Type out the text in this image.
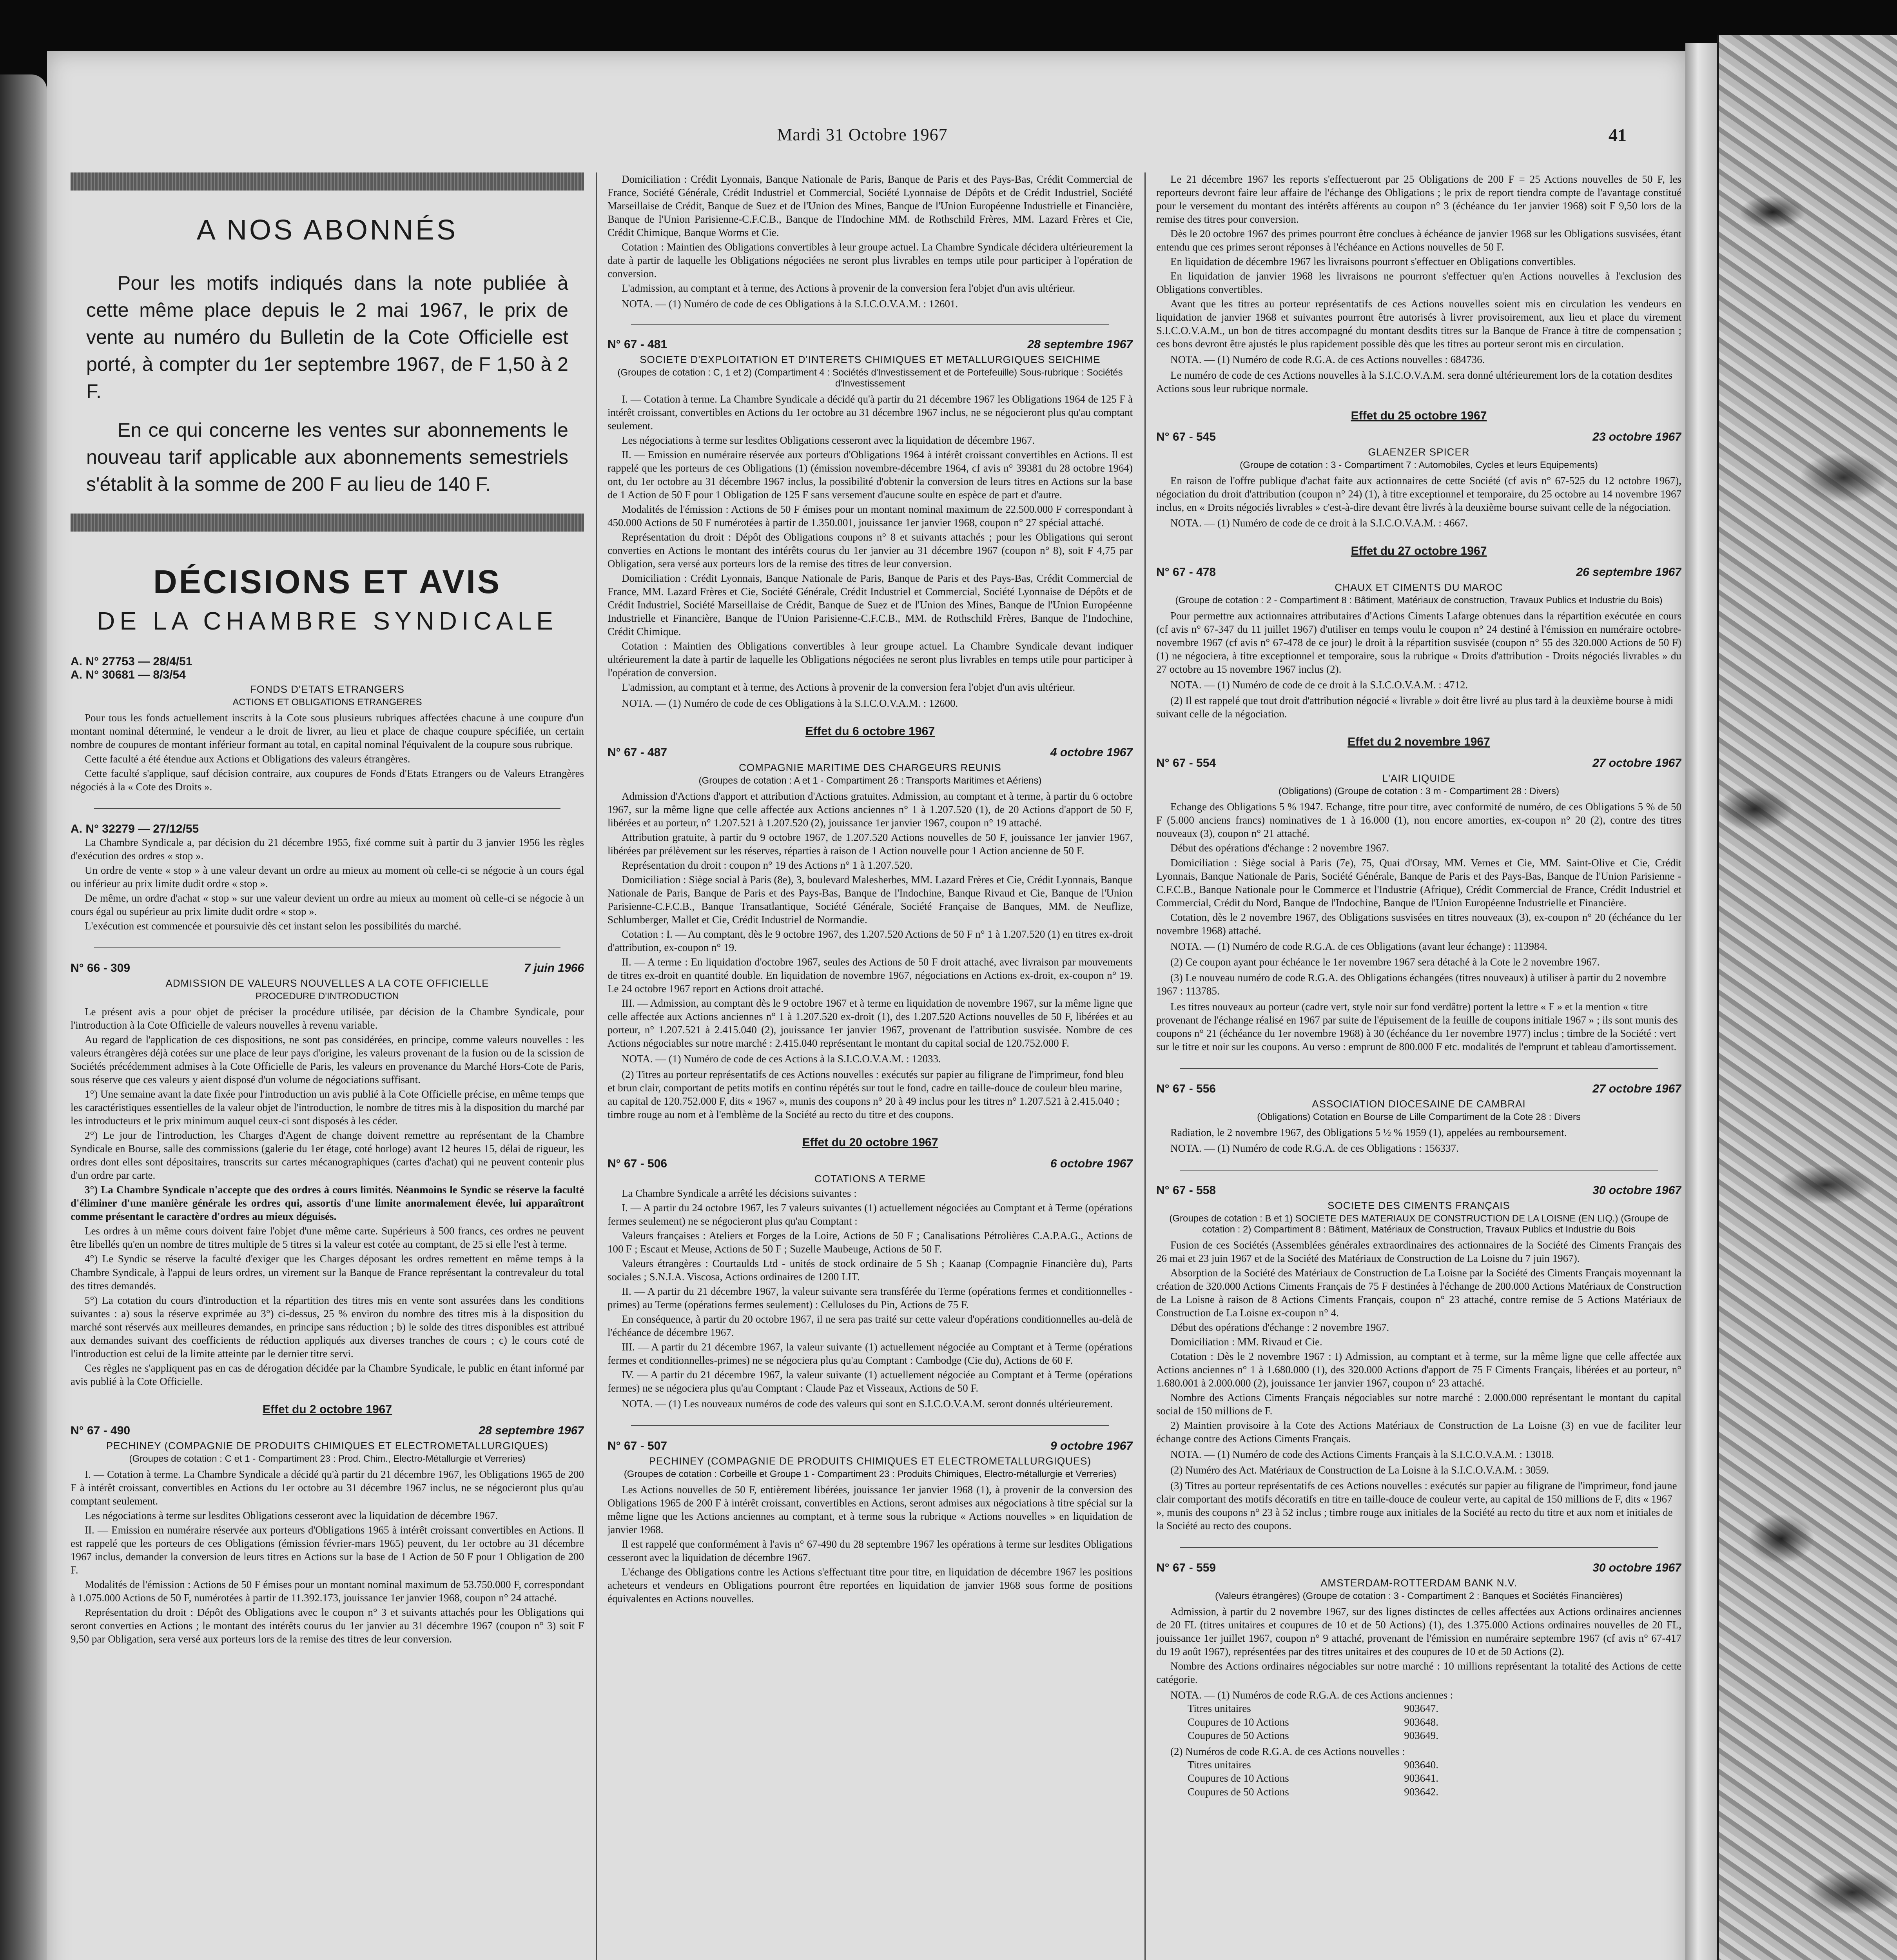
Mardi 31 Octobre 1967	41
A NOS ABONNÉS

Pour les motifs indiqués dans la note publiée à cette même place depuis le 2 mai 1967, le prix de vente au numéro du Bulletin de la Cote Officielle est porté, à compter du 1er septembre 1967, de F 1,50 à 2 F.

En ce qui concerne les ventes sur abonnements le nouveau tarif applicable aux abonnements semestriels s'établit à la somme de 200 F au lieu de 140 F.

DÉCISIONS ET AVIS
DE LA CHAMBRE SYNDICALE
A. N° 27753 — 28/4/51
A. N° 30681 — 8/3/54
FONDS D'ETATS ETRANGERS
ACTIONS ET OBLIGATIONS ETRANGERES

Pour tous les fonds actuellement inscrits à la Cote sous plusieurs rubriques affectées chacune à une coupure d'un montant nominal déterminé, le vendeur a le droit de livrer, au lieu et place de chaque coupure spécifiée, un certain nombre de coupures de montant inférieur formant au total, en capital nominal l'équivalent de la coupure sous rubrique.

Cette faculté a été étendue aux Actions et Obligations des valeurs étrangères.

Cette faculté s'applique, sauf décision contraire, aux coupures de Fonds d'Etats Etrangers ou de Valeurs Etrangères négociés à la « Cote des Droits ».

A. N° 32279 — 27/12/55

La Chambre Syndicale a, par décision du 21 décembre 1955, fixé comme suit à partir du 3 janvier 1956 les règles d'exécution des ordres « stop ».

Un ordre de vente « stop » à une valeur devant un ordre au mieux au moment où celle-ci se négocie à un cours égal ou inférieur au prix limite dudit ordre « stop ».

De même, un ordre d'achat « stop » sur une valeur devient un ordre au mieux au moment où celle-ci se négocie à un cours égal ou supérieur au prix limite dudit ordre « stop ».

L'exécution est commencée et poursuivie dès cet instant selon les possibilités du marché.

N° 66 - 309	7 juin 1966
ADMISSION DE VALEURS NOUVELLES A LA COTE OFFICIELLE
PROCEDURE D'INTRODUCTION

Le présent avis a pour objet de préciser la procédure utilisée, par décision de la Chambre Syndicale, pour l'introduction à la Cote Officielle de valeurs nouvelles à revenu variable.

Au regard de l'application de ces dispositions, ne sont pas considérées, en principe, comme valeurs nouvelles : les valeurs étrangères déjà cotées sur une place de leur pays d'origine, les valeurs provenant de la fusion ou de la scission de Sociétés précédemment admises à la Cote Officielle de Paris, les valeurs en provenance du Marché Hors-Cote de Paris, sous réserve que ces valeurs y aient disposé d'un volume de négociations suffisant.

1°) Une semaine avant la date fixée pour l'introduction un avis publié à la Cote Officielle précise, en même temps que les caractéristiques essentielles de la valeur objet de l'introduction, le nombre de titres mis à la disposition du marché par les introducteurs et le prix minimum auquel ceux-ci sont disposés à les céder.

2°) Le jour de l'introduction, les Charges d'Agent de change doivent remettre au représentant de la Chambre Syndicale en Bourse, salle des commissions (galerie du 1er étage, coté horloge) avant 12 heures 15, délai de rigueur, les ordres dont elles sont dépositaires, transcrits sur cartes mécanographiques (cartes d'achat) qui ne peuvent contenir plus d'un ordre par carte.

3°) La Chambre Syndicale n'accepte que des ordres à cours limités. Néanmoins le Syndic se réserve la faculté d'éliminer d'une manière générale les ordres qui, assortis d'une limite anormalement élevée, lui apparaîtront comme présentant le caractère d'ordres au mieux déguisés.

Les ordres à un même cours doivent faire l'objet d'une même carte. Supérieurs à 500 francs, ces ordres ne peuvent être libellés qu'en un nombre de titres multiple de 5 titres si la valeur est cotée au comptant, de 25 si elle l'est à terme.

4°) Le Syndic se réserve la faculté d'exiger que les Charges déposant les ordres remettent en même temps à la Chambre Syndicale, à l'appui de leurs ordres, un virement sur la Banque de France représentant la contrevaleur du total des titres demandés.

5°) La cotation du cours d'introduction et la répartition des titres mis en vente sont assurées dans les conditions suivantes : a) sous la réserve exprimée au 3°) ci-dessus, 25 % environ du nombre des titres mis à la disposition du marché sont réservés aux meilleures demandes, en principe sans réduction ; b) le solde des titres disponibles est attribué aux demandes suivant des coefficients de réduction appliqués aux diverses tranches de cours ; c) le cours coté de l'introduction est celui de la limite atteinte par le dernier titre servi.

Ces règles ne s'appliquent pas en cas de dérogation décidée par la Chambre Syndicale, le public en étant informé par avis publié à la Cote Officielle.

Effet du 2 octobre 1967
N° 67 - 490	28 septembre 1967
PECHINEY (COMPAGNIE DE PRODUITS CHIMIQUES ET ELECTROMETALLURGIQUES)
(Groupes de cotation : C et 1 - Compartiment 23 : Prod. Chim., Electro-Métallurgie et Verreries)

I. — Cotation à terme. La Chambre Syndicale a décidé qu'à partir du 21 décembre 1967, les Obligations 1965 de 200 F à intérêt croissant, convertibles en Actions du 1er octobre au 31 décembre 1967 inclus, ne se négocieront plus qu'au comptant seulement.

Les négociations à terme sur lesdites Obligations cesseront avec la liquidation de décembre 1967.

II. — Emission en numéraire réservée aux porteurs d'Obligations 1965 à intérêt croissant convertibles en Actions. Il est rappelé que les porteurs de ces Obligations (émission février-mars 1965) peuvent, du 1er octobre au 31 décembre 1967 inclus, demander la conversion de leurs titres en Actions sur la base de 1 Action de 50 F pour 1 Obligation de 200 F.

Modalités de l'émission : Actions de 50 F émises pour un montant nominal maximum de 53.750.000 F, correspondant à 1.075.000 Actions de 50 F, numérotées à partir de 11.392.173, jouissance 1er janvier 1968, coupon n° 24 attaché.

Représentation du droit : Dépôt des Obligations avec le coupon n° 3 et suivants attachés pour les Obligations qui seront converties en Actions ; le montant des intérêts courus du 1er janvier au 31 décembre 1967 (coupon n° 3) soit F 9,50 par Obligation, sera versé aux porteurs lors de la remise des titres de leur conversion.

Domiciliation : Crédit Lyonnais, Banque Nationale de Paris, Banque de Paris et des Pays-Bas, Crédit Commercial de France, Société Générale, Crédit Industriel et Commercial, Société Lyonnaise de Dépôts et de Crédit Industriel, Société Marseillaise de Crédit, Banque de Suez et de l'Union des Mines, Banque de l'Union Européenne Industrielle et Financière, Banque de l'Union Parisienne-C.F.C.B., Banque de l'Indochine MM. de Rothschild Frères, MM. Lazard Frères et Cie, Crédit Chimique, Banque Worms et Cie.

Cotation : Maintien des Obligations convertibles à leur groupe actuel. La Chambre Syndicale décidera ultérieurement la date à partir de laquelle les Obligations négociées ne seront plus livrables en temps utile pour participer à l'opération de conversion.

L'admission, au comptant et à terme, des Actions à provenir de la conversion fera l'objet d'un avis ultérieur.

NOTA. — (1) Numéro de code de ces Obligations à la S.I.C.O.V.A.M. : 12601.

N° 67 - 481	28 septembre 1967
SOCIETE D'EXPLOITATION ET D'INTERETS CHIMIQUES ET METALLURGIQUES SEICHIME
(Groupes de cotation : C, 1 et 2) (Compartiment 4 : Sociétés d'Investissement et de Portefeuille) Sous-rubrique : Sociétés d'Investissement

I. — Cotation à terme. La Chambre Syndicale a décidé qu'à partir du 21 décembre 1967 les Obligations 1964 de 125 F à intérêt croissant, convertibles en Actions du 1er octobre au 31 décembre 1967 inclus, ne se négocieront plus qu'au comptant seulement.

Les négociations à terme sur lesdites Obligations cesseront avec la liquidation de décembre 1967.

II. — Emission en numéraire réservée aux porteurs d'Obligations 1964 à intérêt croissant convertibles en Actions. Il est rappelé que les porteurs de ces Obligations (1) (émission novembre-décembre 1964, cf avis n° 39381 du 28 octobre 1964) ont, du 1er octobre au 31 décembre 1967 inclus, la possibilité d'obtenir la conversion de leurs titres en Actions sur la base de 1 Action de 50 F pour 1 Obligation de 125 F sans versement d'aucune soulte en espèce de part et d'autre.

Modalités de l'émission : Actions de 50 F émises pour un montant nominal maximum de 22.500.000 F correspondant à 450.000 Actions de 50 F numérotées à partir de 1.350.001, jouissance 1er janvier 1968, coupon n° 27 spécial attaché.

Représentation du droit : Dépôt des Obligations coupons n° 8 et suivants attachés ; pour les Obligations qui seront converties en Actions le montant des intérêts courus du 1er janvier au 31 décembre 1967 (coupon n° 8), soit F 4,75 par Obligation, sera versé aux porteurs lors de la remise des titres de leur conversion.

Domiciliation : Crédit Lyonnais, Banque Nationale de Paris, Banque de Paris et des Pays-Bas, Crédit Commercial de France, MM. Lazard Frères et Cie, Société Générale, Crédit Industriel et Commercial, Société Lyonnaise de Dépôts et de Crédit Industriel, Société Marseillaise de Crédit, Banque de Suez et de l'Union des Mines, Banque de l'Union Européenne Industrielle et Financière, Banque de l'Union Parisienne-C.F.C.B., MM. de Rothschild Frères, Banque de l'Indochine, Crédit Chimique.

Cotation : Maintien des Obligations convertibles à leur groupe actuel. La Chambre Syndicale devant indiquer ultérieurement la date à partir de laquelle les Obligations négociées ne seront plus livrables en temps utile pour participer à l'opération de conversion.

L'admission, au comptant et à terme, des Actions à provenir de la conversion fera l'objet d'un avis ultérieur.

NOTA. — (1) Numéro de code de ces Obligations à la S.I.C.O.V.A.M. : 12600.

Effet du 6 octobre 1967
N° 67 - 487	4 octobre 1967
COMPAGNIE MARITIME DES CHARGEURS REUNIS
(Groupes de cotation : A et 1 - Compartiment 26 : Transports Maritimes et Aériens)

Admission d'Actions d'apport et attribution d'Actions gratuites. Admission, au comptant et à terme, à partir du 6 octobre 1967, sur la même ligne que celle affectée aux Actions anciennes n° 1 à 1.207.520 (1), de 20 Actions d'apport de 50 F, libérées et au porteur, n° 1.207.521 à 1.207.520 (2), jouissance 1er janvier 1967, coupon n° 19 attaché.

Attribution gratuite, à partir du 9 octobre 1967, de 1.207.520 Actions nouvelles de 50 F, jouissance 1er janvier 1967, libérées par prélèvement sur les réserves, réparties à raison de 1 Action nouvelle pour 1 Action ancienne de 50 F.

Représentation du droit : coupon n° 19 des Actions n° 1 à 1.207.520.

Domiciliation : Siège social à Paris (8e), 3, boulevard Malesherbes, MM. Lazard Frères et Cie, Crédit Lyonnais, Banque Nationale de Paris, Banque de Paris et des Pays-Bas, Banque de l'Indochine, Banque Rivaud et Cie, Banque de l'Union Parisienne-C.F.C.B., Banque Transatlantique, Société Générale, Société Française de Banques, MM. de Neuflize, Schlumberger, Mallet et Cie, Crédit Industriel de Normandie.

Cotation : I. — Au comptant, dès le 9 octobre 1967, des 1.207.520 Actions de 50 F n° 1 à 1.207.520 (1) en titres ex-droit d'attribution, ex-coupon n° 19.

II. — A terme : En liquidation d'octobre 1967, seules des Actions de 50 F droit attaché, avec livraison par mouvements de titres ex-droit en quantité double. En liquidation de novembre 1967, négociations en Actions ex-droit, ex-coupon n° 19. Le 24 octobre 1967 report en Actions droit attaché.

III. — Admission, au comptant dès le 9 octobre 1967 et à terme en liquidation de novembre 1967, sur la même ligne que celle affectée aux Actions anciennes n° 1 à 1.207.520 ex-droit (1), des 1.207.520 Actions nouvelles de 50 F, libérées et au porteur, n° 1.207.521 à 2.415.040 (2), jouissance 1er janvier 1967, provenant de l'attribution susvisée. Nombre de ces Actions négociables sur notre marché : 2.415.040 représentant le montant du capital social de 120.752.000 F.

NOTA. — (1) Numéro de code de ces Actions à la S.I.C.O.V.A.M. : 12033.

(2) Titres au porteur représentatifs de ces Actions nouvelles : exécutés sur papier au filigrane de l'imprimeur, fond bleu et brun clair, comportant de petits motifs en continu répétés sur tout le fond, cadre en taille-douce de couleur bleu marine, au capital de 120.752.000 F, dits « 1967 », munis des coupons n° 20 à 49 inclus pour les titres n° 1.207.521 à 2.415.040 ; timbre rouge au nom et à l'emblème de la Société au recto du titre et des coupons.

Effet du 20 octobre 1967
N° 67 - 506	6 octobre 1967
COTATIONS A TERME

La Chambre Syndicale a arrêté les décisions suivantes :

I. — A partir du 24 octobre 1967, les 7 valeurs suivantes (1) actuellement négociées au Comptant et à Terme (opérations fermes seulement) ne se négocieront plus qu'au Comptant :

Valeurs françaises : Ateliers et Forges de la Loire, Actions de 50 F ; Canalisations Pétrolières C.A.P.A.G., Actions de 100 F ; Escaut et Meuse, Actions de 50 F ; Suzelle Maubeuge, Actions de 50 F.

Valeurs étrangères : Courtaulds Ltd - unités de stock ordinaire de 5 Sh ; Kaanap (Compagnie Financière du), Parts sociales ; S.N.I.A. Viscosa, Actions ordinaires de 1200 LIT.

II. — A partir du 21 décembre 1967, la valeur suivante sera transférée du Terme (opérations fermes et conditionnelles - primes) au Terme (opérations fermes seulement) : Celluloses du Pin, Actions de 75 F.

En conséquence, à partir du 20 octobre 1967, il ne sera pas traité sur cette valeur d'opérations conditionnelles au-delà de l'échéance de décembre 1967.

III. — A partir du 21 décembre 1967, la valeur suivante (1) actuellement négociée au Comptant et à Terme (opérations fermes et conditionnelles-primes) ne se négociera plus qu'au Comptant : Cambodge (Cie du), Actions de 60 F.

IV. — A partir du 21 décembre 1967, la valeur suivante (1) actuellement négociée au Comptant et à Terme (opérations fermes) ne se négociera plus qu'au Comptant : Claude Paz et Visseaux, Actions de 50 F.

NOTA. — (1) Les nouveaux numéros de code des valeurs qui sont en S.I.C.O.V.A.M. seront donnés ultérieurement.

N° 67 - 507	9 octobre 1967
PECHINEY (COMPAGNIE DE PRODUITS CHIMIQUES ET ELECTROMETALLURGIQUES)
(Groupes de cotation : Corbeille et Groupe 1 - Compartiment 23 : Produits Chimiques, Electro-métallurgie et Verreries)

Les Actions nouvelles de 50 F, entièrement libérées, jouissance 1er janvier 1968 (1), à provenir de la conversion des Obligations 1965 de 200 F à intérêt croissant, convertibles en Actions, seront admises aux négociations à titre spécial sur la même ligne que les Actions anciennes au comptant, et à terme sous la rubrique « Actions nouvelles » en liquidation de janvier 1968.

Il est rappelé que conformément à l'avis n° 67-490 du 28 septembre 1967 les opérations à terme sur lesdites Obligations cesseront avec la liquidation de décembre 1967.

L'échange des Obligations contre les Actions s'effectuant titre pour titre, en liquidation de décembre 1967 les positions acheteurs et vendeurs en Obligations pourront être reportées en liquidation de janvier 1968 sous forme de positions équivalentes en Actions nouvelles.

Le 21 décembre 1967 les reports s'effectueront par 25 Obligations de 200 F = 25 Actions nouvelles de 50 F, les reporteurs devront faire leur affaire de l'échange des Obligations ; le prix de report tiendra compte de l'avantage constitué pour le versement du montant des intérêts afférents au coupon n° 3 (échéance du 1er janvier 1968) soit F 9,50 lors de la remise des titres pour conversion.

Dès le 20 octobre 1967 des primes pourront être conclues à échéance de janvier 1968 sur les Obligations susvisées, étant entendu que ces primes seront réponses à l'échéance en Actions nouvelles de 50 F.

En liquidation de décembre 1967 les livraisons pourront s'effectuer en Obligations convertibles.

En liquidation de janvier 1968 les livraisons ne pourront s'effectuer qu'en Actions nouvelles à l'exclusion des Obligations convertibles.

Avant que les titres au porteur représentatifs de ces Actions nouvelles soient mis en circulation les vendeurs en liquidation de janvier 1968 et suivantes pourront être autorisés à livrer provisoirement, aux lieu et place du virement S.I.C.O.V.A.M., un bon de titres accompagné du montant desdits titres sur la Banque de France à titre de compensation ; ces bons devront être ajustés le plus rapidement possible dès que les titres au porteur seront mis en circulation.

NOTA. — (1) Numéro de code R.G.A. de ces Actions nouvelles : 684736.

Le numéro de code de ces Actions nouvelles à la S.I.C.O.V.A.M. sera donné ultérieurement lors de la cotation desdites Actions sous leur rubrique normale.

Effet du 25 octobre 1967
N° 67 - 545	23 octobre 1967
GLAENZER SPICER
(Groupe de cotation : 3 - Compartiment 7 : Automobiles, Cycles et leurs Equipements)

En raison de l'offre publique d'achat faite aux actionnaires de cette Société (cf avis n° 67-525 du 12 octobre 1967), négociation du droit d'attribution (coupon n° 24) (1), à titre exceptionnel et temporaire, du 25 octobre au 14 novembre 1967 inclus, en « Droits négociés livrables » c'est-à-dire devant être livrés à la deuxième bourse suivant celle de la négociation.

NOTA. — (1) Numéro de code de ce droit à la S.I.C.O.V.A.M. : 4667.

Effet du 27 octobre 1967
N° 67 - 478	26 septembre 1967
CHAUX ET CIMENTS DU MAROC
(Groupe de cotation : 2 - Compartiment 8 : Bâtiment, Matériaux de construction, Travaux Publics et Industrie du Bois)

Pour permettre aux actionnaires attributaires d'Actions Ciments Lafarge obtenues dans la répartition exécutée en cours (cf avis n° 67-347 du 11 juillet 1967) d'utiliser en temps voulu le coupon n° 24 destiné à l'émission en numéraire octobre-novembre 1967 (cf avis n° 67-478 de ce jour) le droit à la répartition susvisée (coupon n° 55 des 320.000 Actions de 50 F) (1) ne négociera, à titre exceptionnel et temporaire, sous la rubrique « Droits d'attribution - Droits négociés livrables » du 27 octobre au 15 novembre 1967 inclus (2).

NOTA. — (1) Numéro de code de ce droit à la S.I.C.O.V.A.M. : 4712.

(2) Il est rappelé que tout droit d'attribution négocié « livrable » doit être livré au plus tard à la deuxième bourse à midi suivant celle de la négociation.

Effet du 2 novembre 1967
N° 67 - 554	27 octobre 1967
L'AIR LIQUIDE
(Obligations) (Groupe de cotation : 3 m - Compartiment 28 : Divers)

Echange des Obligations 5 % 1947. Echange, titre pour titre, avec conformité de numéro, de ces Obligations 5 % de 50 F (5.000 anciens francs) nominatives de 1 à 16.000 (1), non encore amorties, ex-coupon n° 20 (2), contre des titres nouveaux (3), coupon n° 21 attaché.

Début des opérations d'échange : 2 novembre 1967.

Domiciliation : Siège social à Paris (7e), 75, Quai d'Orsay, MM. Vernes et Cie, MM. Saint-Olive et Cie, Crédit Lyonnais, Banque Nationale de Paris, Société Générale, Banque de Paris et des Pays-Bas, Banque de l'Union Parisienne - C.F.C.B., Banque Nationale pour le Commerce et l'Industrie (Afrique), Crédit Commercial de France, Crédit Industriel et Commercial, Crédit du Nord, Banque de l'Indochine, Banque de l'Union Européenne Industrielle et Financière.

Cotation, dès le 2 novembre 1967, des Obligations susvisées en titres nouveaux (3), ex-coupon n° 20 (échéance du 1er novembre 1968) attaché.

NOTA. — (1) Numéro de code R.G.A. de ces Obligations (avant leur échange) : 113984.

(2) Ce coupon ayant pour échéance le 1er novembre 1967 sera détaché à la Cote le 2 novembre 1967.

(3) Le nouveau numéro de code R.G.A. des Obligations échangées (titres nouveaux) à utiliser à partir du 2 novembre 1967 : 113785.

Les titres nouveaux au porteur (cadre vert, style noir sur fond verdâtre) portent la lettre « F » et la mention « titre provenant de l'échange réalisé en 1967 par suite de l'épuisement de la feuille de coupons initiale 1967 » ; ils sont munis des coupons n° 21 (échéance du 1er novembre 1968) à 30 (échéance du 1er novembre 1977) inclus ; timbre de la Société : vert sur le titre et noir sur les coupons. Au verso : emprunt de 800.000 F etc. modalités de l'emprunt et tableau d'amortissement.

N° 67 - 556	27 octobre 1967
ASSOCIATION DIOCESAINE DE CAMBRAI
(Obligations) Cotation en Bourse de Lille Compartiment de la Cote 28 : Divers

Radiation, le 2 novembre 1967, des Obligations 5 ½ % 1959 (1), appelées au remboursement.

NOTA. — (1) Numéro de code R.G.A. de ces Obligations : 156337.

N° 67 - 558	30 octobre 1967
SOCIETE DES CIMENTS FRANÇAIS
(Groupes de cotation : B et 1) SOCIETE DES MATERIAUX DE CONSTRUCTION DE LA LOISNE (EN LIQ.) (Groupe de cotation : 2) Compartiment 8 : Bâtiment, Matériaux de Construction, Travaux Publics et Industrie du Bois

Fusion de ces Sociétés (Assemblées générales extraordinaires des actionnaires de la Société des Ciments Français des 26 mai et 23 juin 1967 et de la Société des Matériaux de Construction de La Loisne du 7 juin 1967).

Absorption de la Société des Matériaux de Construction de La Loisne par la Société des Ciments Français moyennant la création de 320.000 Actions Ciments Français de 75 F destinées à l'échange de 200.000 Actions Matériaux de Construction de La Loisne à raison de 8 Actions Ciments Français, coupon n° 23 attaché, contre remise de 5 Actions Matériaux de Construction de La Loisne ex-coupon n° 4.

Début des opérations d'échange : 2 novembre 1967.

Domiciliation : MM. Rivaud et Cie.

Cotation : Dès le 2 novembre 1967 : I) Admission, au comptant et à terme, sur la même ligne que celle affectée aux Actions anciennes n° 1 à 1.680.000 (1), des 320.000 Actions d'apport de 75 F Ciments Français, libérées et au porteur, n° 1.680.001 à 2.000.000 (2), jouissance 1er janvier 1967, coupon n° 23 attaché.

Nombre des Actions Ciments Français négociables sur notre marché : 2.000.000 représentant le montant du capital social de 150 millions de F.

2) Maintien provisoire à la Cote des Actions Matériaux de Construction de La Loisne (3) en vue de faciliter leur échange contre des Actions Ciments Français.

NOTA. — (1) Numéro de code des Actions Ciments Français à la S.I.C.O.V.A.M. : 13018.

(2) Numéro des Act. Matériaux de Construction de La Loisne à la S.I.C.O.V.A.M. : 3059.

(3) Titres au porteur représentatifs de ces Actions nouvelles : exécutés sur papier au filigrane de l'imprimeur, fond jaune clair comportant des motifs décoratifs en titre en taille-douce de couleur verte, au capital de 150 millions de F, dits « 1967 », munis des coupons n° 23 à 52 inclus ; timbre rouge aux initiales de la Société au recto du titre et aux nom et initiales de la Société au recto des coupons.

N° 67 - 559	30 octobre 1967
AMSTERDAM-ROTTERDAM BANK N.V.
(Valeurs étrangères) (Groupe de cotation : 3 - Compartiment 2 : Banques et Sociétés Financières)

Admission, à partir du 2 novembre 1967, sur des lignes distinctes de celles affectées aux Actions ordinaires anciennes de 20 FL (titres unitaires et coupures de 10 et de 50 Actions) (1), des 1.375.000 Actions ordinaires nouvelles de 20 FL, jouissance 1er juillet 1967, coupon n° 9 attaché, provenant de l'émission en numéraire septembre 1967 (cf avis n° 67-417 du 19 août 1967), représentées par des titres unitaires et des coupures de 10 et de 50 Actions (2).

Nombre des Actions ordinaires négociables sur notre marché : 10 millions représentant la totalité des Actions de cette catégorie.

NOTA. — (1) Numéros de code R.G.A. de ces Actions anciennes :

Titres unitaires	903647.
Coupures de 10 Actions	903648.
Coupures de 50 Actions	903649.

(2) Numéros de code R.G.A. de ces Actions nouvelles :

Titres unitaires	903640.
Coupures de 10 Actions	903641.
Coupures de 50 Actions	903642.
